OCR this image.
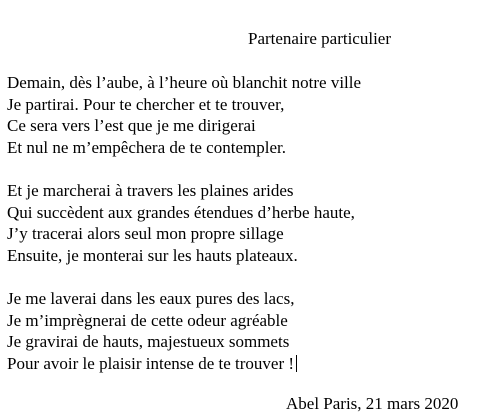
Partenaire particulier
Demain, dès l’aube, à l’heure où blanchit notre ville
Je partirai. Pour te chercher et te trouver,
Ce sera vers l’est que je me dirigerai
Et nul ne m’empêchera de te contempler.
Et je marcherai à travers les plaines arides
Qui succèdent aux grandes étendues d’herbe haute,
J’y tracerai alors seul mon propre sillage
Ensuite, je monterai sur les hauts plateaux.
Je me laverai dans les eaux pures des lacs,
Je m’imprègnerai de cette odeur agréable
Je gravirai de hauts, majestueux sommets
Pour avoir le plaisir intense de te trouver !
Abel Paris, 21 mars 2020
